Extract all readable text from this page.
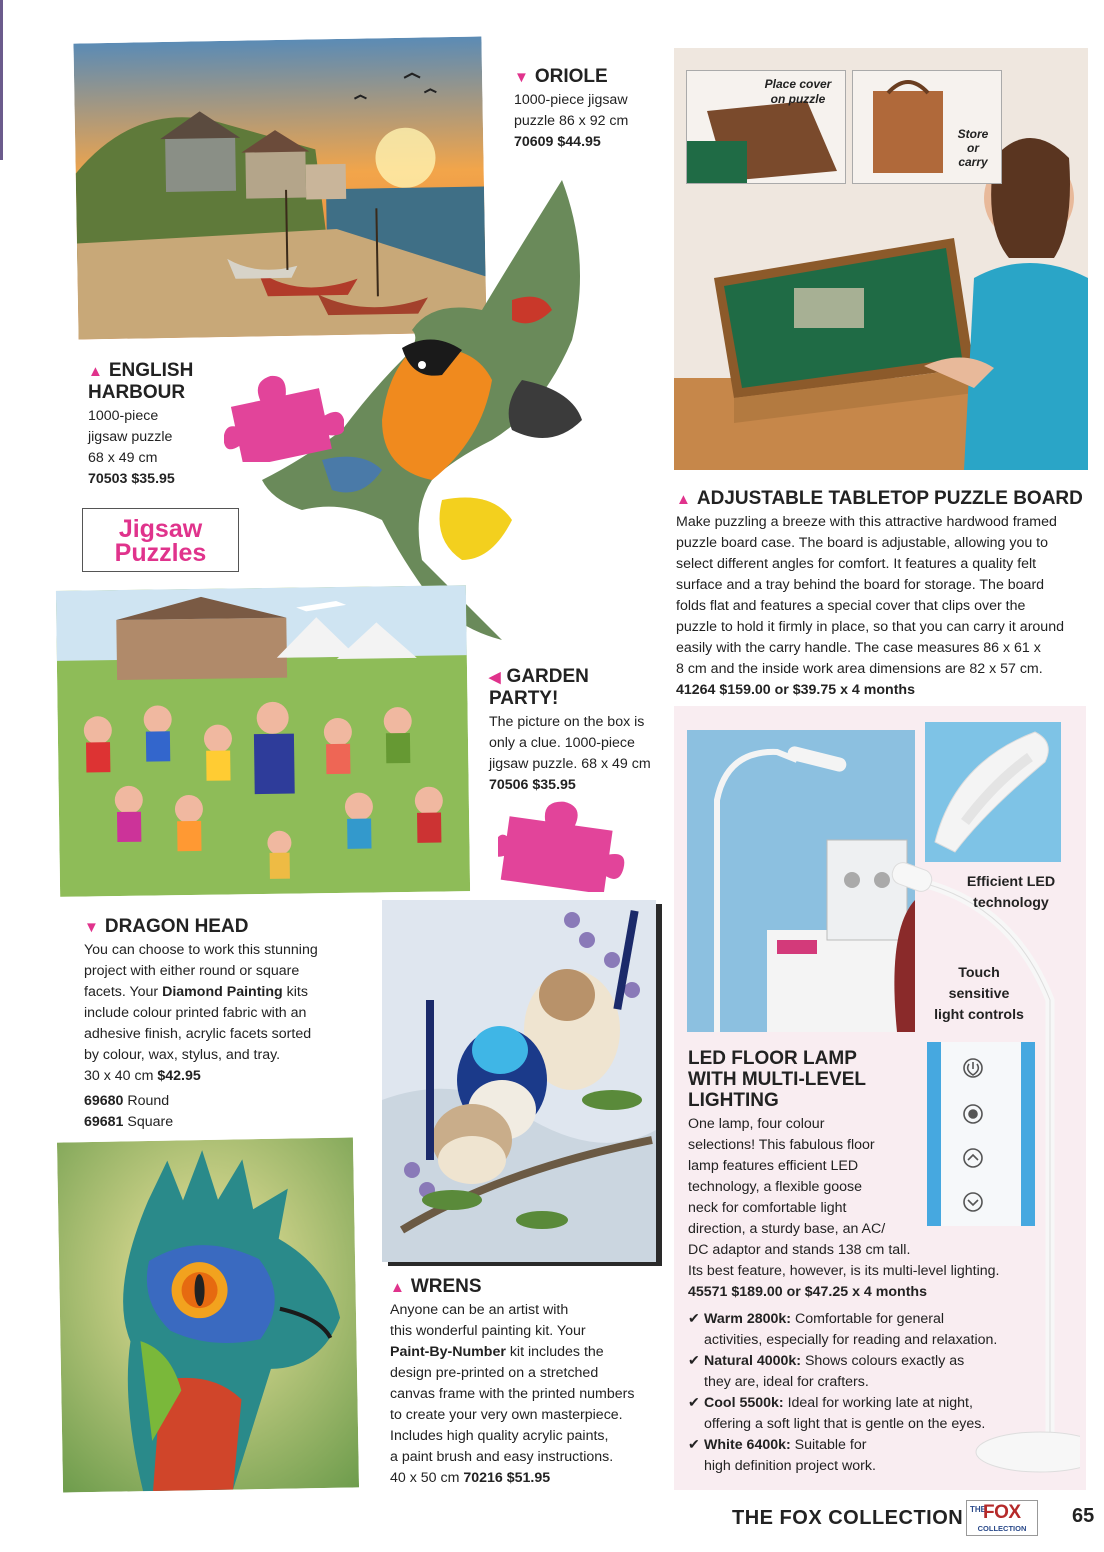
▼ ORIOLE
1000-piece jigsaw
puzzle 86 x 92 cm
70609 $44.95
▲ ENGLISH
HARBOUR
1000-piece
jigsaw puzzle
68 x 49 cm
70503 $35.95
Jigsaw
Puzzles
◀ GARDEN
PARTY!
The picture on the box is
only a clue. 1000-piece
jigsaw puzzle. 68 x 49 cm
70506 $35.95
Place cover
on puzzle
Store
or
carry
▲ ADJUSTABLE TABLETOP PUZZLE BOARD
Make puzzling a breeze with this attractive hardwood framed
puzzle board case. The board is adjustable, allowing you to
select different angles for comfort. It features a quality felt
surface and a tray behind the board for storage. The board
folds flat and features a special cover that clips over the
puzzle to hold it firmly in place, so that you can carry it around
easily with the carry handle. The case measures 86 x 61 x
8 cm and the inside work area dimensions are 82 x 57 cm.
41264 $159.00 or $39.75 x 4 months
▼ DRAGON HEAD
You can choose to work this stunning
project with either round or square
facets. Your Diamond Painting kits
include colour printed fabric with an
adhesive finish, acrylic facets sorted
by colour, wax, stylus, and tray.
30 x 40 cm $42.95
69680 Round
69681 Square
▲ WRENS
Anyone can be an artist with
this wonderful painting kit. Your
Paint-By-Number kit includes the
design pre-printed on a stretched
canvas frame with the printed numbers
to create your very own masterpiece.
Includes high quality acrylic paints,
a paint brush and easy instructions.
40 x 50 cm 70216 $51.95
Efficient LED
technology
Touch
sensitive
light controls
LED FLOOR LAMP
WITH MULTI-LEVEL
LIGHTING
One lamp, four colour
selections! This fabulous floor
lamp features efficient LED
technology, a flexible goose
neck for comfortable light
direction, a sturdy base, an AC/
DC adaptor and stands 138 cm tall.
Its best feature, however, is its multi-level lighting.
45571 $189.00 or $47.25 x 4 months
✔ Warm 2800k: Comfortable for general
activities, especially for reading and relaxation.
✔ Natural 4000k: Shows colours exactly as
they are, ideal for crafters.
✔ Cool 5500k: Ideal for working late at night,
offering a soft light that is gentle on the eyes.
✔ White 6400k: Suitable for
high definition project work.
THE FOX COLLECTION THE
FOX
COLLECTION
65
